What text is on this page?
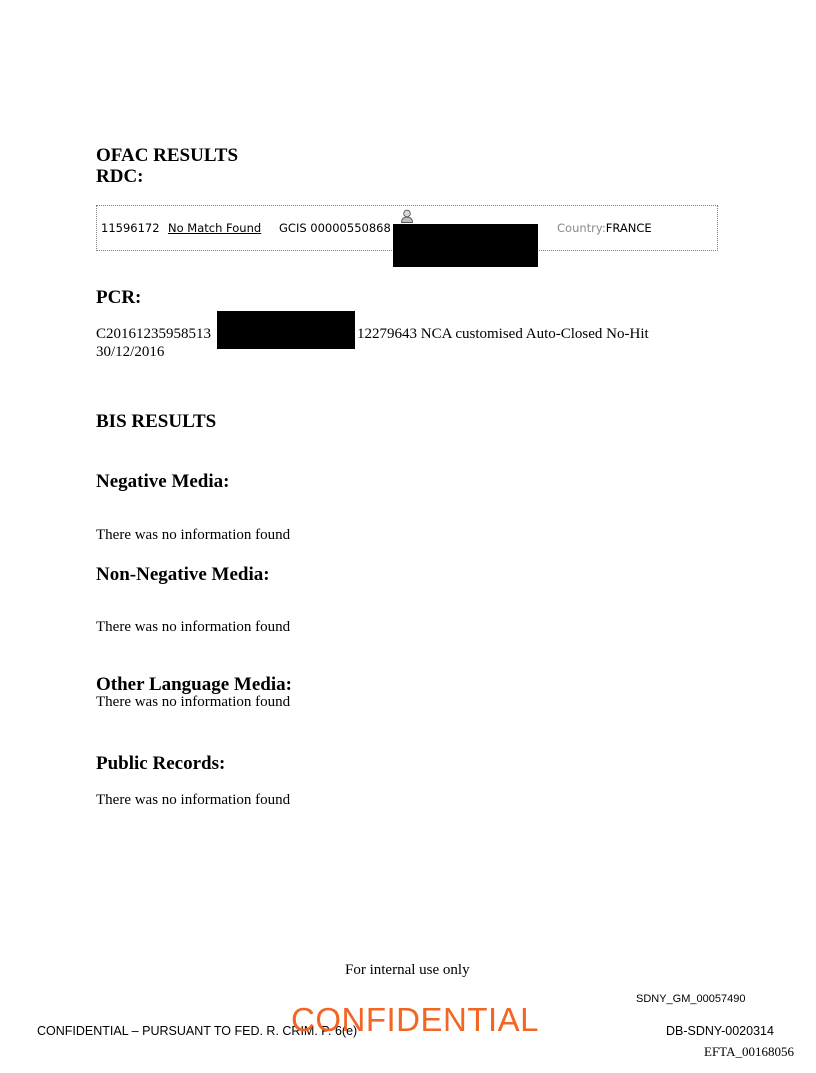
OFAC RESULTS
RDC:
11596172 No Match Found GCIS 00000550868	Country:FRANCE
PCR:
C20161235958513	12279643 NCA customised Auto-Closed No-Hit
30/12/2016
BIS RESULTS
Negative Media:
There was no information found
Non-Negative Media:
There was no information found
Other Language Media:
There was no information found
Public Records:
There was no information found
For internal use only
SDNY_GM_00057490
CONFIDENTIAL – PURSUANT TO FED. R. CRIM. P. 6(e)
CONFIDENTIAL	DB-SDNY-0020314
EFTA_00168056
